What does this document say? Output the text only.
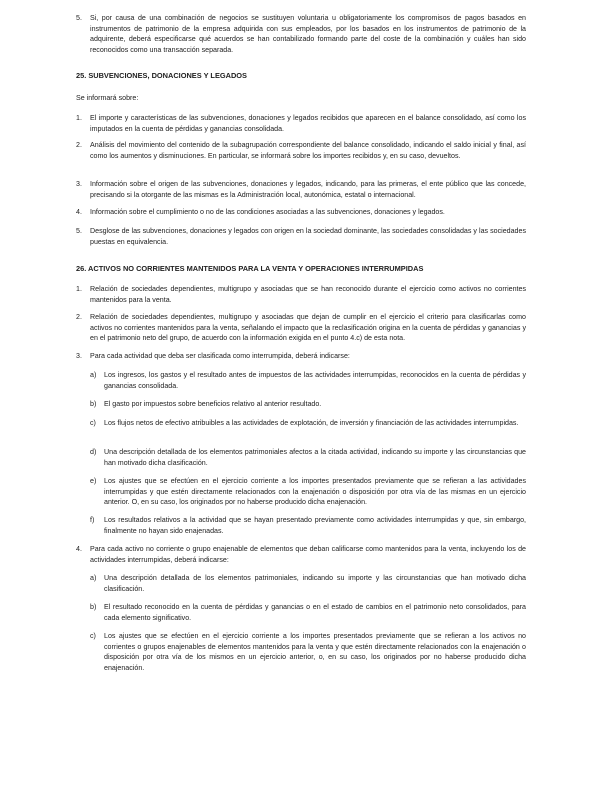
5. Si, por causa de una combinación de negocios se sustituyen voluntaria u obligatoriamente los compromisos de pagos basados en instrumentos de patrimonio de la empresa adquirida con sus empleados, por los basados en los instrumentos de patrimonio de la adquirente, deberá especificarse qué acuerdos se han contabilizado formando parte del coste de la combinación y cuáles han sido reconocidos como una transacción separada.

25. SUBVENCIONES, DONACIONES Y LEGADOS

Se informará sobre:

1. El importe y características de las subvenciones, donaciones y legados recibidos que aparecen en el balance consolidado, así como los imputados en la cuenta de pérdidas y ganancias consolidada.

2. Análisis del movimiento del contenido de la subagrupación correspondiente del balance consolidado, indicando el saldo inicial y final, así como los aumentos y disminuciones. En particular, se informará sobre los importes recibidos y, en su caso, devueltos.

3. Información sobre el origen de las subvenciones, donaciones y legados, indicando, para las primeras, el ente público que las concede, precisando si la otorgante de las mismas es la Administración local, autonómica, estatal o internacional.

4. Información sobre el cumplimiento o no de las condiciones asociadas a las subvenciones, donaciones y legados.

5. Desglose de las subvenciones, donaciones y legados con origen en la sociedad dominante, las sociedades consolidadas y las sociedades puestas en equivalencia.

26. ACTIVOS NO CORRIENTES MANTENIDOS PARA LA VENTA Y OPERACIONES INTERRUMPIDAS

1. Relación de sociedades dependientes, multigrupo y asociadas que se han reconocido durante el ejercicio como activos no corrientes mantenidos para la venta.

2. Relación de sociedades dependientes, multigrupo y asociadas que dejan de cumplir en el ejercicio el criterio para clasificarlas como activos no corrientes mantenidos para la venta, señalando el impacto que la reclasificación origina en la cuenta de pérdidas y ganancias y en el patrimonio neto del grupo, de acuerdo con la información exigida en el punto 4.c) de esta nota.

3. Para cada actividad que deba ser clasificada como interrumpida, deberá indicarse:

a) Los ingresos, los gastos y el resultado antes de impuestos de las actividades interrumpidas, reconocidos en la cuenta de pérdidas y ganancias consolidada.

b) El gasto por impuestos sobre beneficios relativo al anterior resultado.

c) Los flujos netos de efectivo atribuibles a las actividades de explotación, de inversión y financiación de las actividades interrumpidas.

d) Una descripción detallada de los elementos patrimoniales afectos a la citada actividad, indicando su importe y las circunstancias que han motivado dicha clasificación.

e) Los ajustes que se efectúen en el ejercicio corriente a los importes presentados previamente que se refieran a las actividades interrumpidas y que estén directamente relacionados con la enajenación o disposición por otra vía de las mismas en un ejercicio anterior. O, en su caso, los originados por no haberse producido dicha enajenación.

f) Los resultados relativos a la actividad que se hayan presentado previamente como actividades interrumpidas y que, sin embargo, finalmente no hayan sido enajenadas.

4. Para cada activo no corriente o grupo enajenable de elementos que deban calificarse como mantenidos para la venta, incluyendo los de actividades interrumpidas, deberá indicarse:

a) Una descripción detallada de los elementos patrimoniales, indicando su importe y las circunstancias que han motivado dicha clasificación.

b) El resultado reconocido en la cuenta de pérdidas y ganancias o en el estado de cambios en el patrimonio neto consolidados, para cada elemento significativo.

c) Los ajustes que se efectúen en el ejercicio corriente a los importes presentados previamente que se refieran a los activos no corrientes o grupos enajenables de elementos mantenidos para la venta y que estén directamente relacionados con la enajenación o disposición por otra vía de los mismos en un ejercicio anterior, o, en su caso, los originados por no haberse producido dicha enajenación.
